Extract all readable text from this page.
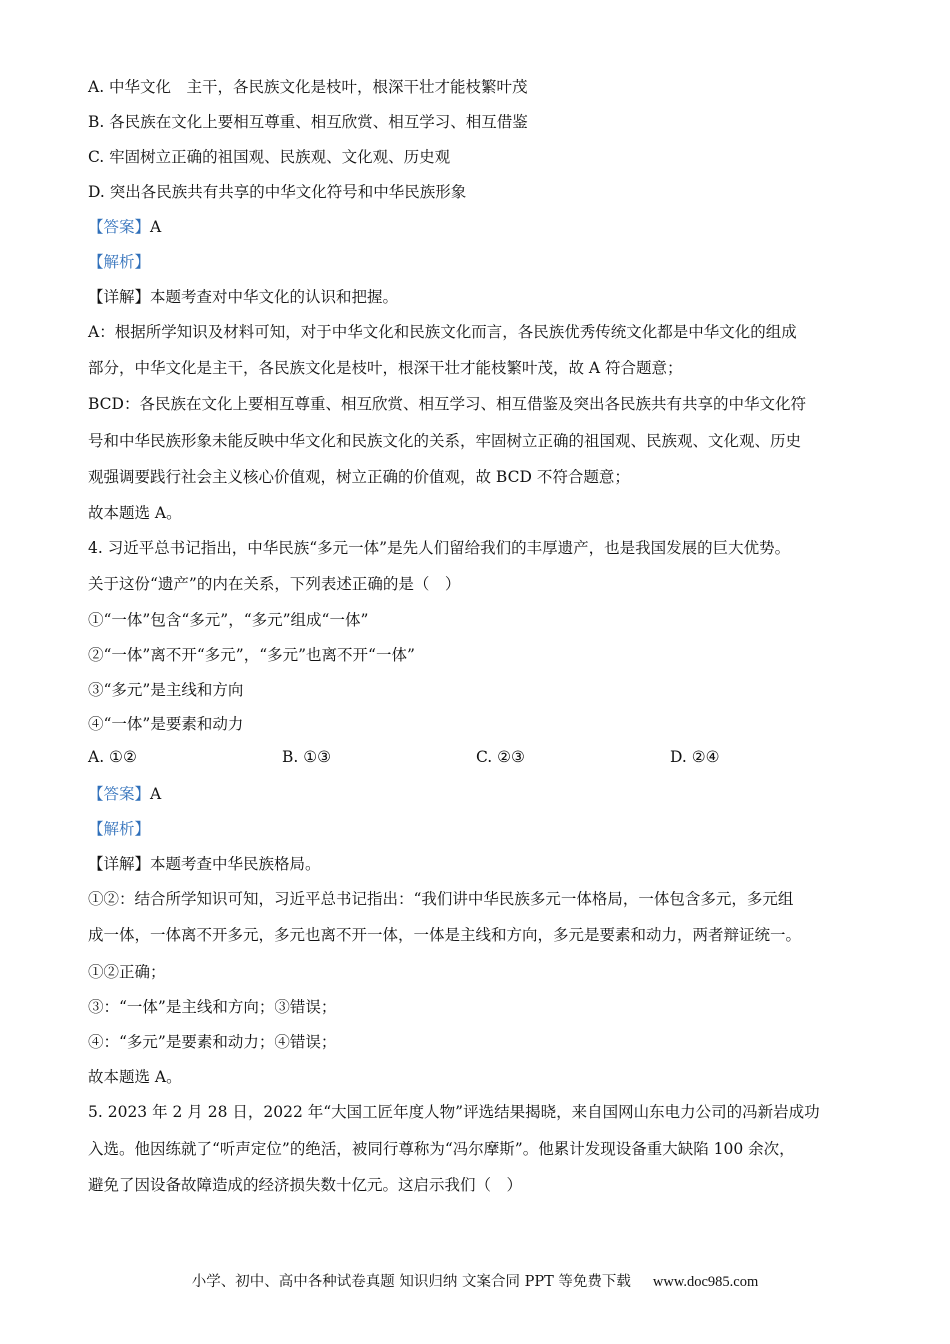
A. 中华文化　主干，各民族文化是枝叶，根深干壮才能枝繁叶茂
B. 各民族在文化上要相互尊重、相互欣赏、相互学习、相互借鉴
C. 牢固树立正确的祖国观、民族观、文化观、历史观
D. 突出各民族共有共享的中华文化符号和中华民族形象
【答案】A
【解析】
【详解】本题考查对中华文化的认识和把握。
A：根据所学知识及材料可知，对于中华文化和民族文化而言，各民族优秀传统文化都是中华文化的组成
部分，中华文化是主干，各民族文化是枝叶，根深干壮才能枝繁叶茂，故 A 符合题意；
BCD：各民族在文化上要相互尊重、相互欣赏、相互学习、相互借鉴及突出各民族共有共享的中华文化符
号和中华民族形象未能反映中华文化和民族文化的关系，牢固树立正确的祖国观、民族观、文化观、历史
观强调要践行社会主义核心价值观，树立正确的价值观，故 BCD 不符合题意；
故本题选 A。
4. 习近平总书记指出，中华民族“多元一体”是先人们留给我们的丰厚遗产，也是我国发展的巨大优势。
关于这份“遗产”的内在关系，下列表述正确的是（　）
①“一体”包含“多元”，“多元”组成“一体”
②“一体”离不开“多元”，“多元”也离不开“一体”
③“多元”是主线和方向
④“一体”是要素和动力
A. ①②	B. ①③	C. ②③	D. ②④
【答案】A
【解析】
【详解】本题考查中华民族格局。
①②：结合所学知识可知，习近平总书记指出：“我们讲中华民族多元一体格局，一体包含多元，多元组
成一体，一体离不开多元，多元也离不开一体，一体是主线和方向，多元是要素和动力，两者辩证统一。
①②正确；
③：“一体”是主线和方向；③错误；
④：“多元”是要素和动力；④错误；
故本题选 A。
5. 2023 年 2 月 28 日，2022 年“大国工匠年度人物”评选结果揭晓，来自国网山东电力公司的冯新岩成功
入选。他因练就了“听声定位”的绝活，被同行尊称为“冯尔摩斯”。他累计发现设备重大缺陷 100 余次，
避免了因设备故障造成的经济损失数十亿元。这启示我们（　）
小学、初中、高中各种试卷真题 知识归纳 文案合同 PPT 等免费下载 www.doc985.com
